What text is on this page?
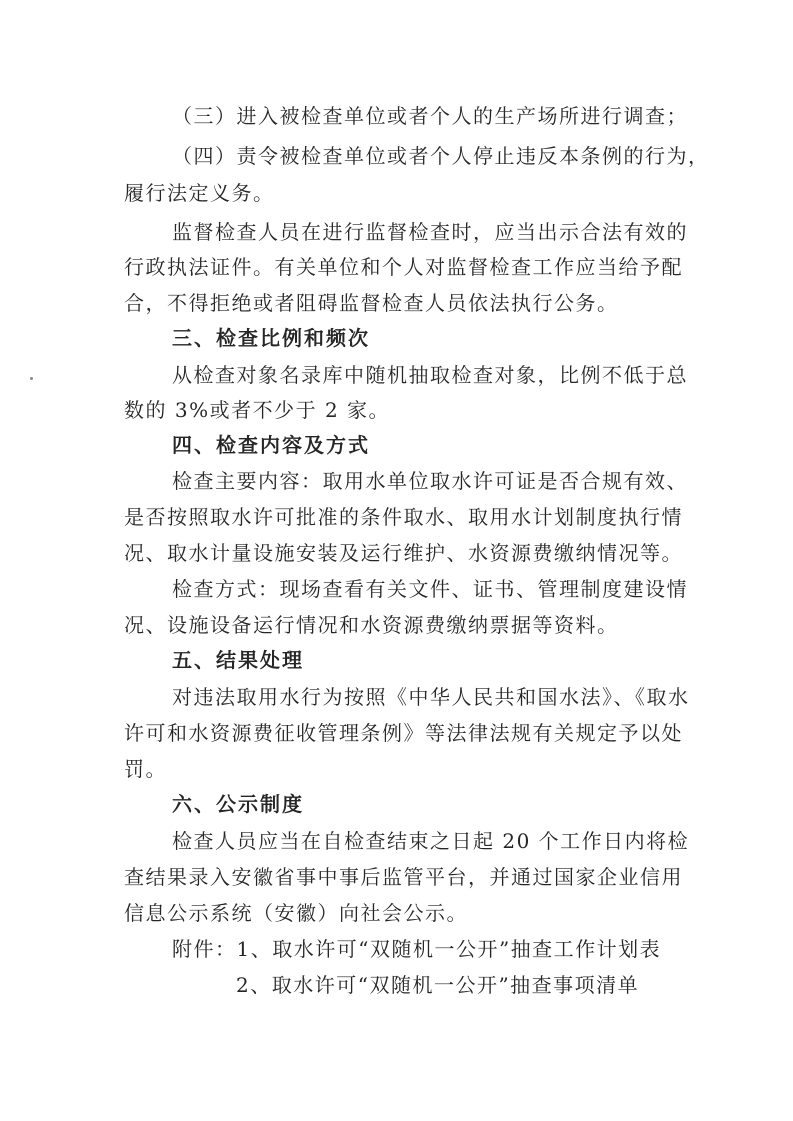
（三）进入被检查单位或者个人的生产场所进行调查；
（四）责令被检查单位或者个人停止违反本条例的行为，
履行法定义务。
监督检查人员在进行监督检查时，应当出示合法有效的
行政执法证件。有关单位和个人对监督检查工作应当给予配
合，不得拒绝或者阻碍监督检查人员依法执行公务。
三、检查比例和频次
从检查对象名录库中随机抽取检查对象，比例不低于总
数的 3%或者不少于 2 家。
四、检查内容及方式
检查主要内容：取用水单位取水许可证是否合规有效、
是否按照取水许可批准的条件取水、取用水计划制度执行情
况、取水计量设施安装及运行维护、水资源费缴纳情况等。
检查方式：现场查看有关文件、证书、管理制度建设情
况、设施设备运行情况和水资源费缴纳票据等资料。
五、结果处理
对违法取用水行为按照《中华人民共和国水法》、《取水
许可和水资源费征收管理条例》等法律法规有关规定予以处
罚。
六、公示制度
检查人员应当在自检查结束之日起 20 个工作日内将检
查结果录入安徽省事中事后监管平台，并通过国家企业信用
信息公示系统（安徽）向社会公示。
附件：1、取水许可“双随机一公开”抽查工作计划表
2、取水许可“双随机一公开”抽查事项清单
